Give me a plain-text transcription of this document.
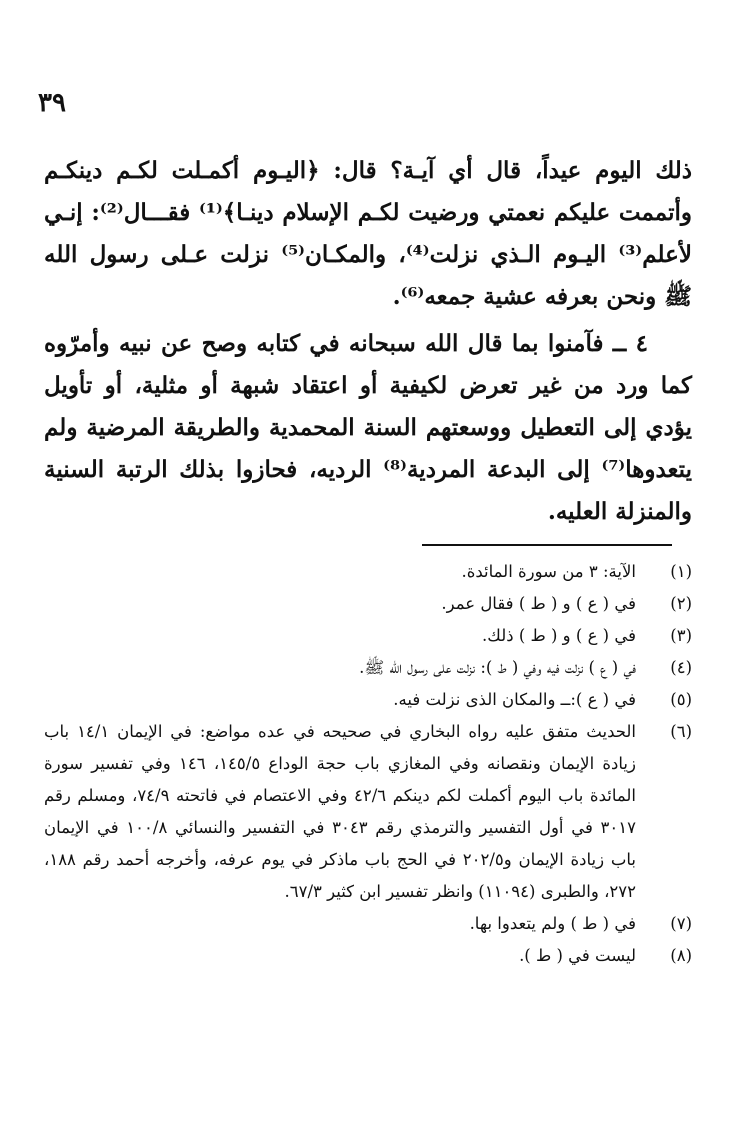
٣٩
ذلك اليوم عيداً، قال أي آيـة؟ قال: ﴿اليـوم أكمـلت لكـم دينكـم وأتممت عليكم نعمتي ورضيت لكـم الإسلام دينـا﴾⁽¹⁾ فقـــال⁽²⁾: إنـي لأعلم⁽³⁾ اليـوم الـذي نزلت⁽⁴⁾، والمكـان⁽⁵⁾ نزلت عـلى رسول الله ﷺ ونحن بعرفه عشية جمعه⁽⁶⁾.
٤ ــ فآمنوا بما قال الله سبحانه في كتابه وصح عن نبيه وأمرّوه كما ورد من غير تعرض لكيفية أو اعتقاد شبهة أو مثلية، أو تأويل يؤدي إلى التعطيل ووسعتهم السنة المحمدية والطريقة المرضية ولم يتعدوها⁽⁷⁾ إلى البدعة المردية⁽⁸⁾ الرديه، فحازوا بذلك الرتبة السنية والمنزلة العليه.
(١)
الآية: ٣ من سورة المائدة.
(٢)
في ( ع ) و ( ط ) فقال عمر.
(٣)
في ( ع ) و ( ط ) ذلك.
(٤)
في ( ع ) نزلت فيه وفي ( ط ): نزلت على رسول الله ﷺ.
(٥)
في ( ع ):ــ والمكان الذى نزلت فيه.
(٦)
الحديث متفق عليه رواه البخاري في صحيحه في عده مواضع: في الإيمان ١٤/١ باب زيادة الإيمان ونقصانه وفي المغازي باب حجة الوداع ١٤٥/٥، ١٤٦ وفي تفسير سورة المائدة باب اليوم أكملت لكم دينكم ٤٢/٦ وفي الاعتصام في فاتحته ٧٤/٩، ومسلم رقم ٣٠١٧ في أول التفسير والترمذي رقم ٣٠٤٣ في التفسير والنسائي ١٠٠/٨ في الإيمان باب زيادة الإيمان و٢٠٢/٥ في الحج باب ماذكر في يوم عرفه، وأخرجه أحمد رقم ١٨٨، ٢٧٢، والطبرى (١١٠٩٤) وانظر تفسير ابن كثير ٦٧/٣.
(٧)
في ( ط ) ولم يتعدوا بها.
(٨)
ليست في ( ط ).
